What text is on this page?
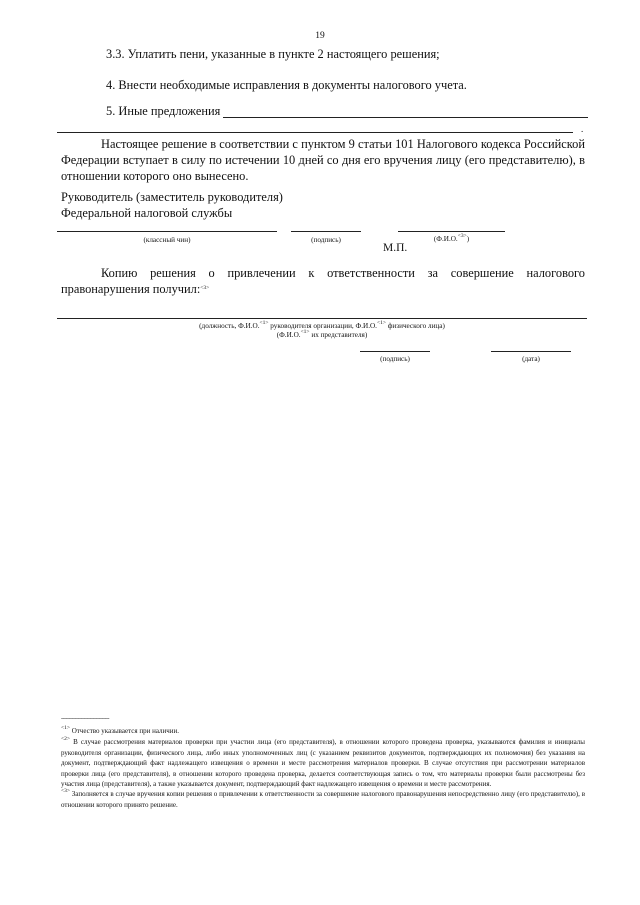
19
3.3. Уплатить пени, указанные в пункте 2 настоящего решения;
4. Внести необходимые исправления в документы налогового учета.
5. Иные предложения
.
Настоящее решение в соответствии с пунктом 9 статьи 101 Налогового кодекса Российской Федерации вступает в силу по истечении 10 дней со дня его вручения лицу (его представителю), в отношении которого оно вынесено.
Руководитель (заместитель руководителя)
Федеральной налоговой службы
(классный чин)	(подпись)	(Ф.И.О.$^{<3>}$)
М.П.
Копию решения о привлечении к ответственности за совершение налогового правонарушения получил:$^{<3>}$
(должность, Ф.И.О.$^{<1>}$ руководителя организации, Ф.И.О.$^{<1>}$ физического лица)
(Ф.И.О.$^{<1>}$ их представителя)
(подпись)	(дата)
--------------------------------
$^{<1>}$ Отчество указывается при наличии.
$^{<2>}$ В случае рассмотрения материалов проверки при участии лица (его представителя), в отношении которого проведена проверка, указываются фамилия и инициалы руководителя организации, физического лица, либо иных уполномоченных лиц (с указанием реквизитов документов, подтверждающих их полномочия) без указания на документ, подтверждающий факт надлежащего извещения о времени и месте рассмотрения материалов проверки. В случае отсутствия при рассмотрении материалов проверки лица (его представителя), в отношении которого проведена проверка, делается соответствующая запись о том, что материалы проверки были рассмотрены без участия лица (представителя), а также указывается документ, подтверждающий факт надлежащего извещения о времени и месте рассмотрения.
$^{<3>}$ Заполняется в случае вручения копии решения о привлечении к ответственности за совершение налогового правонарушения непосредственно лицу (его представителю), в отношении которого принято решение.
